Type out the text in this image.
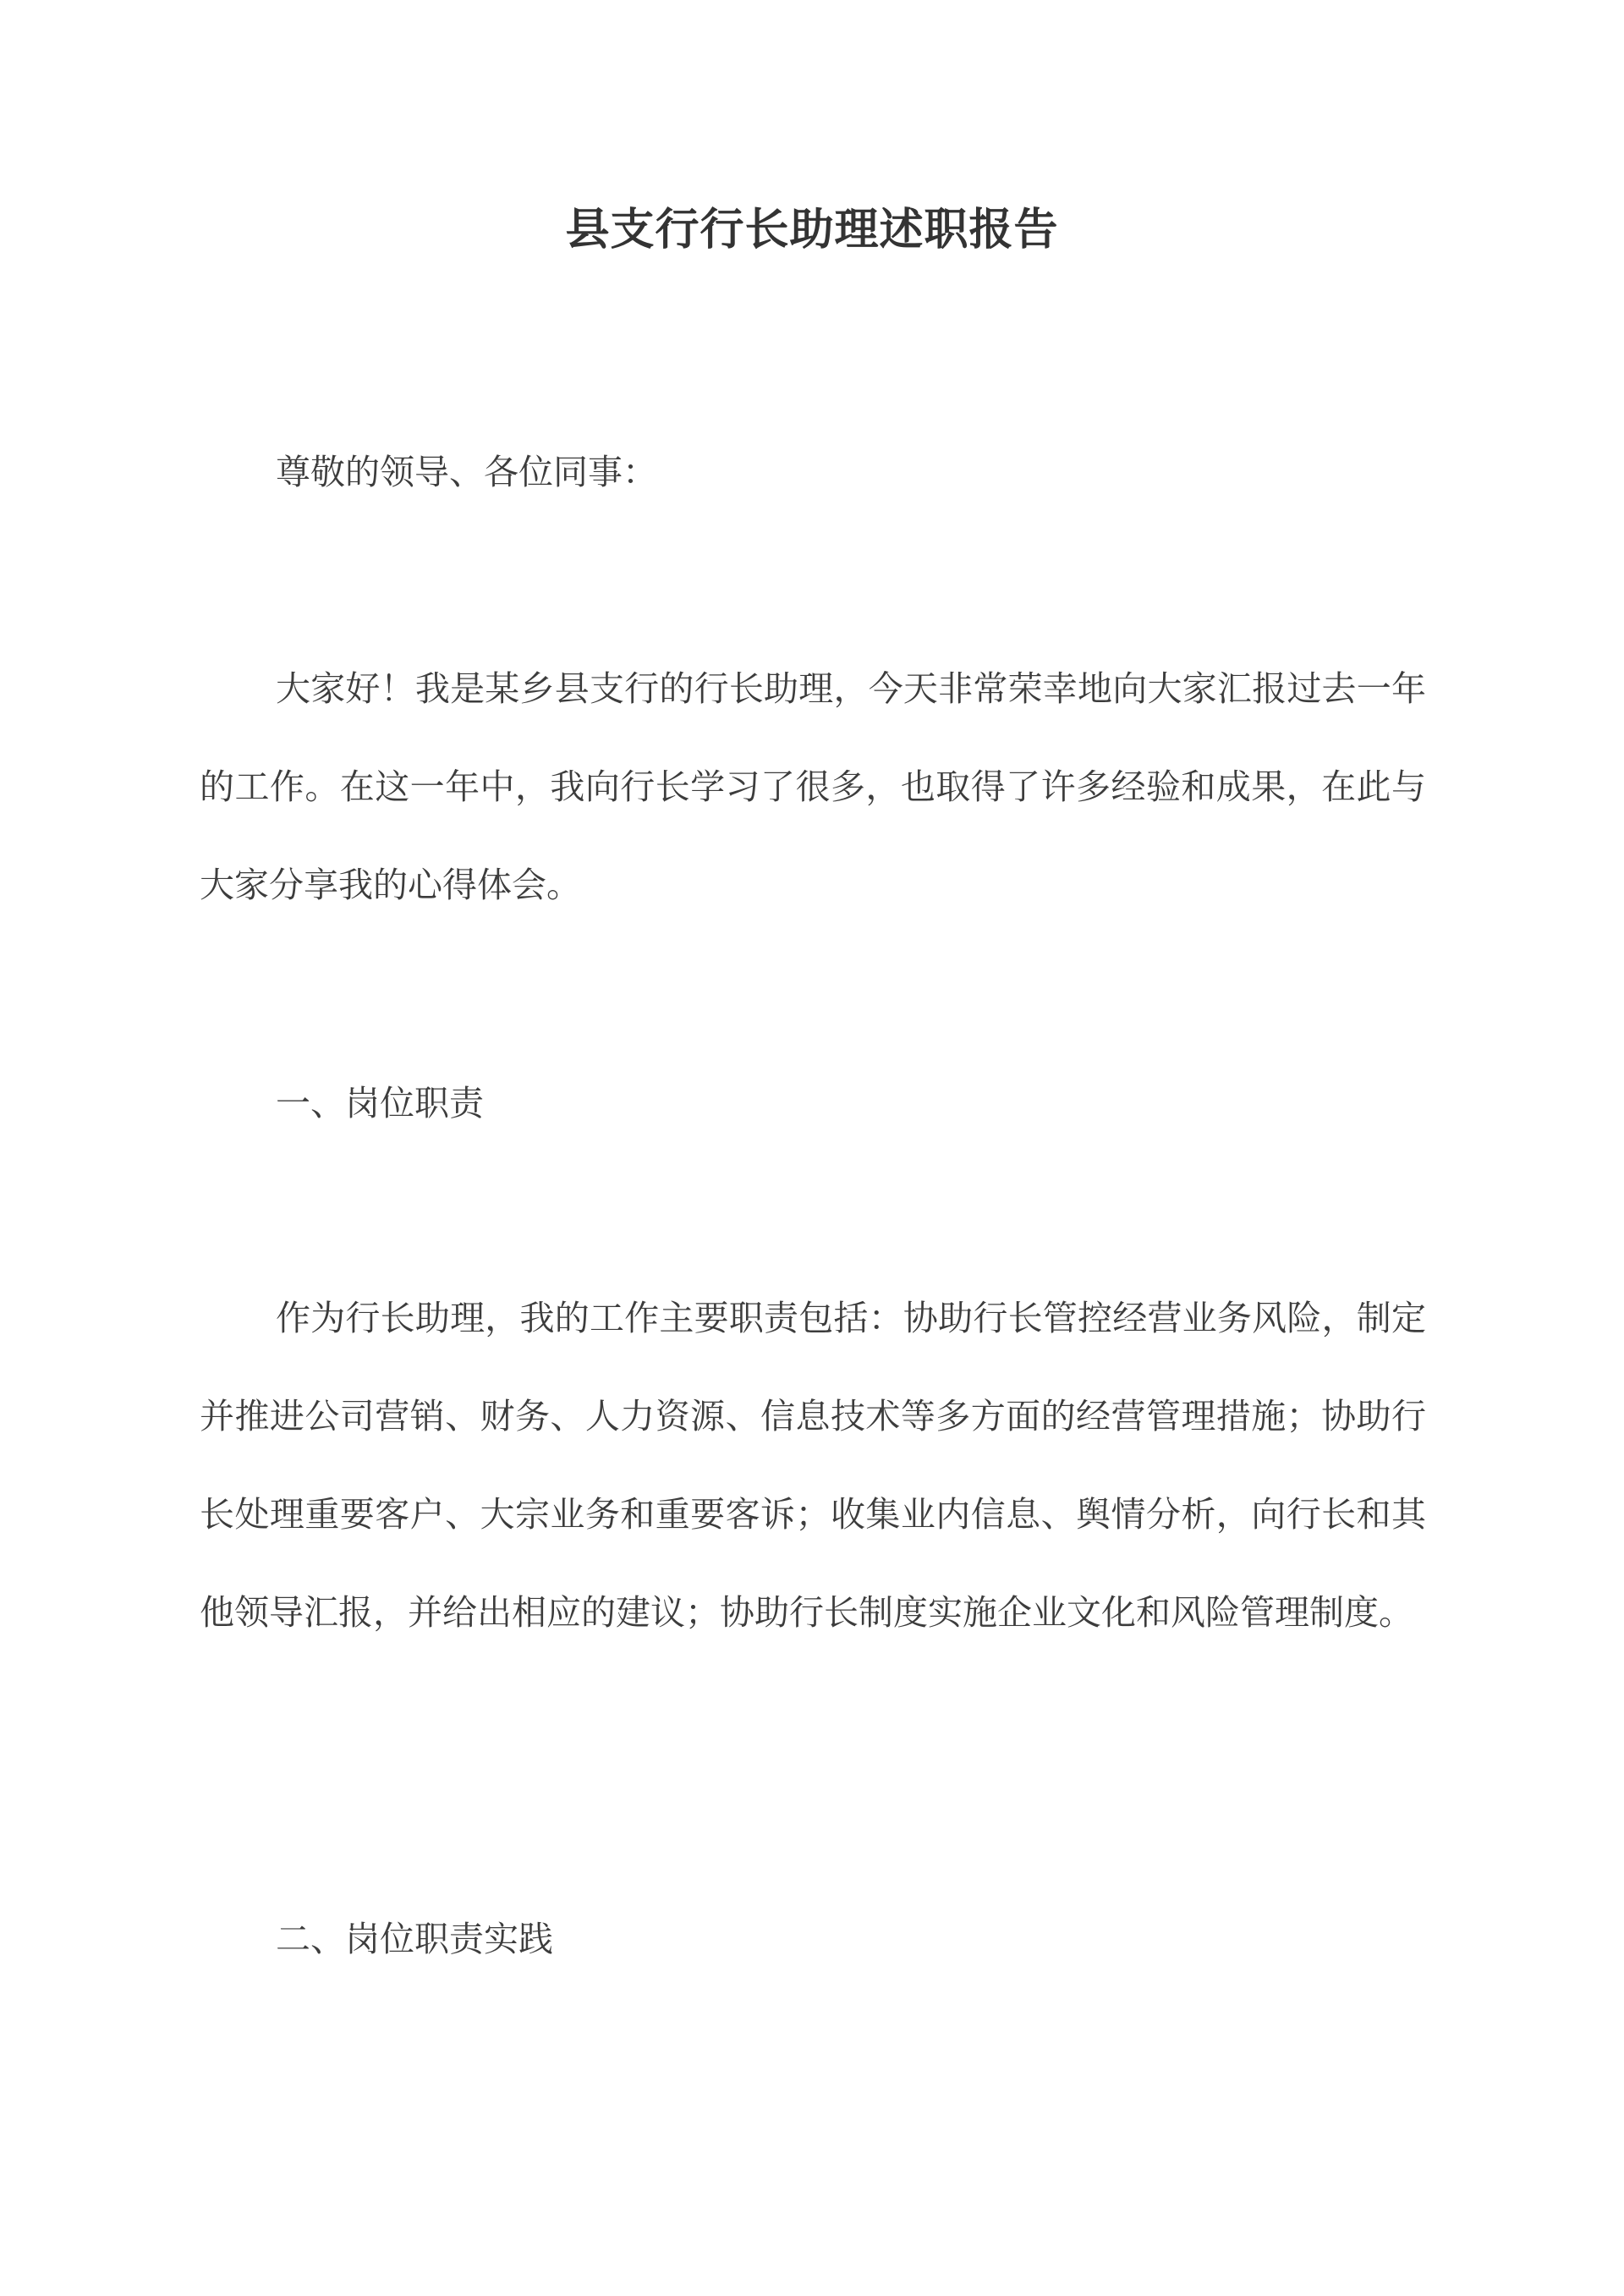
县支行行长助理述职报告
尊敬的领导、各位同事：
大家好！我是某乡县支行的行长助理，今天非常荣幸地向大家汇报过去一年的工作。在这一年中，我向行长学习了很多，也取得了许多经验和成果，在此与大家分享我的心得体会。
一、岗位职责
作为行长助理，我的工作主要职责包括：协助行长管控经营业务风险，制定并推进公司营销、财务、人力资源、信息技术等多方面的经营管理措施；协助行长处理重要客户、大宗业务和重要客诉；收集业内信息、舆情分析，向行长和其他领导汇报，并给出相应的建议；协助行长制度实施企业文化和风险管理制度。
二、岗位职责实践
